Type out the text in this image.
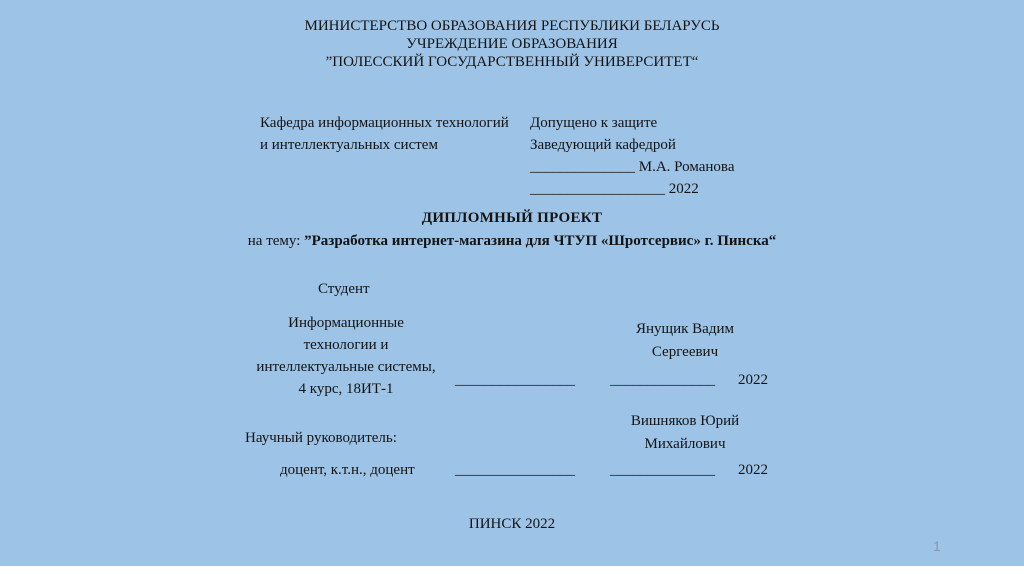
МИНИСТЕРСТВО ОБРАЗОВАНИЯ РЕСПУБЛИКИ БЕЛАРУСЬ
УЧРЕЖДЕНИЕ ОБРАЗОВАНИЯ
”ПОЛЕССКИЙ ГОСУДАРСТВЕННЫЙ УНИВЕРСИТЕТ“
Кафедра информационных технологий
и интеллектуальных систем
Допущено к защите
Заведующий кафедрой
______________ М.А. Романова
__________________ 2022
ДИПЛОМНЫЙ ПРОЕКТ
на тему: ”Разработка интернет-магазина для ЧТУП «Шротсервис» г. Пинска“
Студент
Информационные
технологии и
интеллектуальные системы,
4 курс, 18ИТ-1
Янущик Вадим
Сергеевич
________________ ______________ 2022
Вишняков Юрий
Михайлович
Научный руководитель:
доцент, к.т.н., доцент	________________ ______________ 2022
ПИНСК 2022
1
